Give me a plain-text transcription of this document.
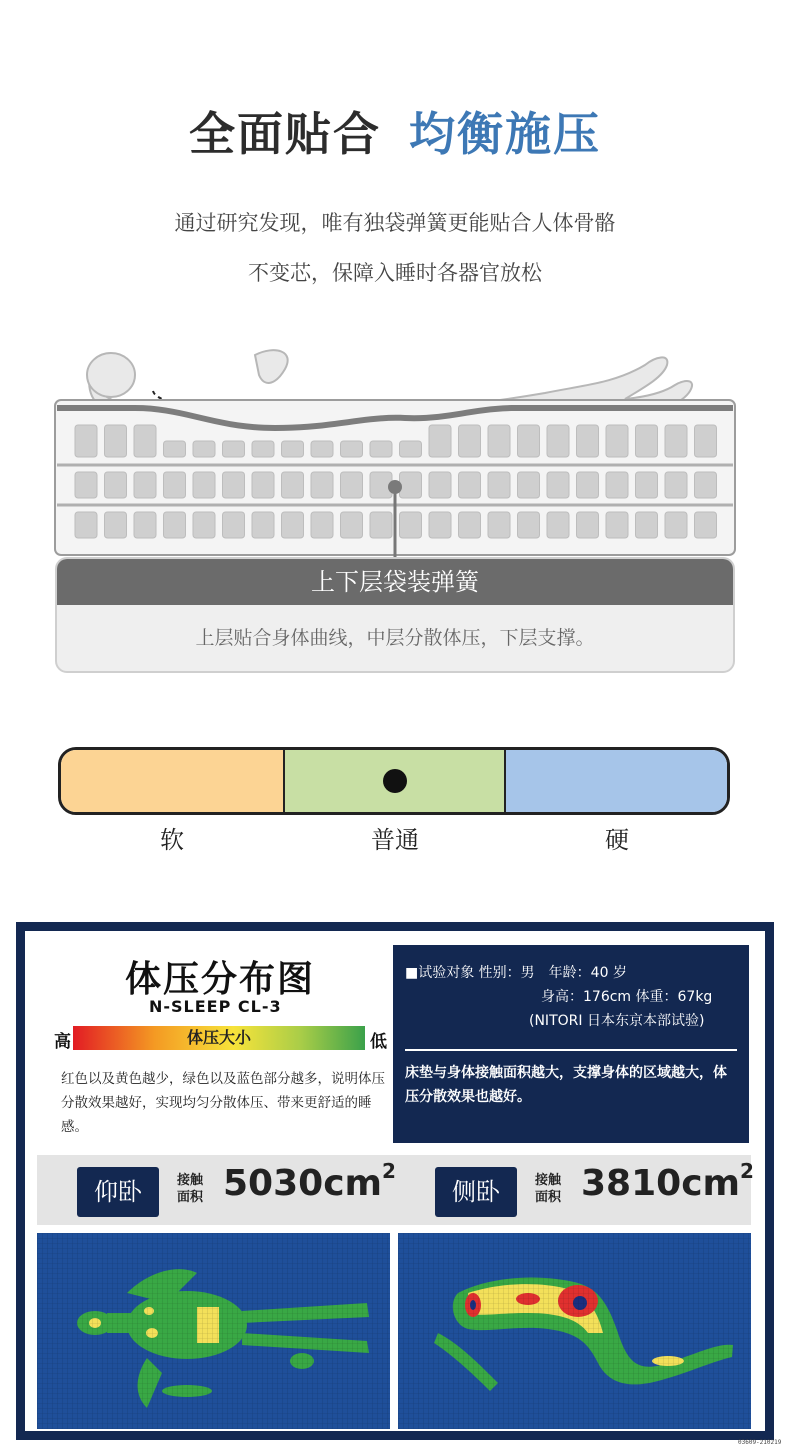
全面贴合 均衡施压
通过研究发现，唯有独袋弹簧更能贴合人体骨骼
不变芯，保障入睡时各器官放松
上下层袋装弹簧
上层贴合身体曲线，中层分散体压，下层支撑。
软	普通	硬
体压分布图
N-SLEEP CL-3
高	体压大小	低
红色以及黄色越少，绿色以及蓝色部分越多，说明体压分散效果越好，实现均匀分散体压、带来更舒适的睡感。
■试验对象 性别：男　年龄：40 岁
身高：176cm 体重：67kg
(NITORI 日本东京本部试验)
床垫与身体接触面积越大，支撑身体的区域越大，体压分散效果也越好。
仰卧	接触面积 $5030cm^2$
侧卧	接触面积 $3810cm^2$
03609-210219
